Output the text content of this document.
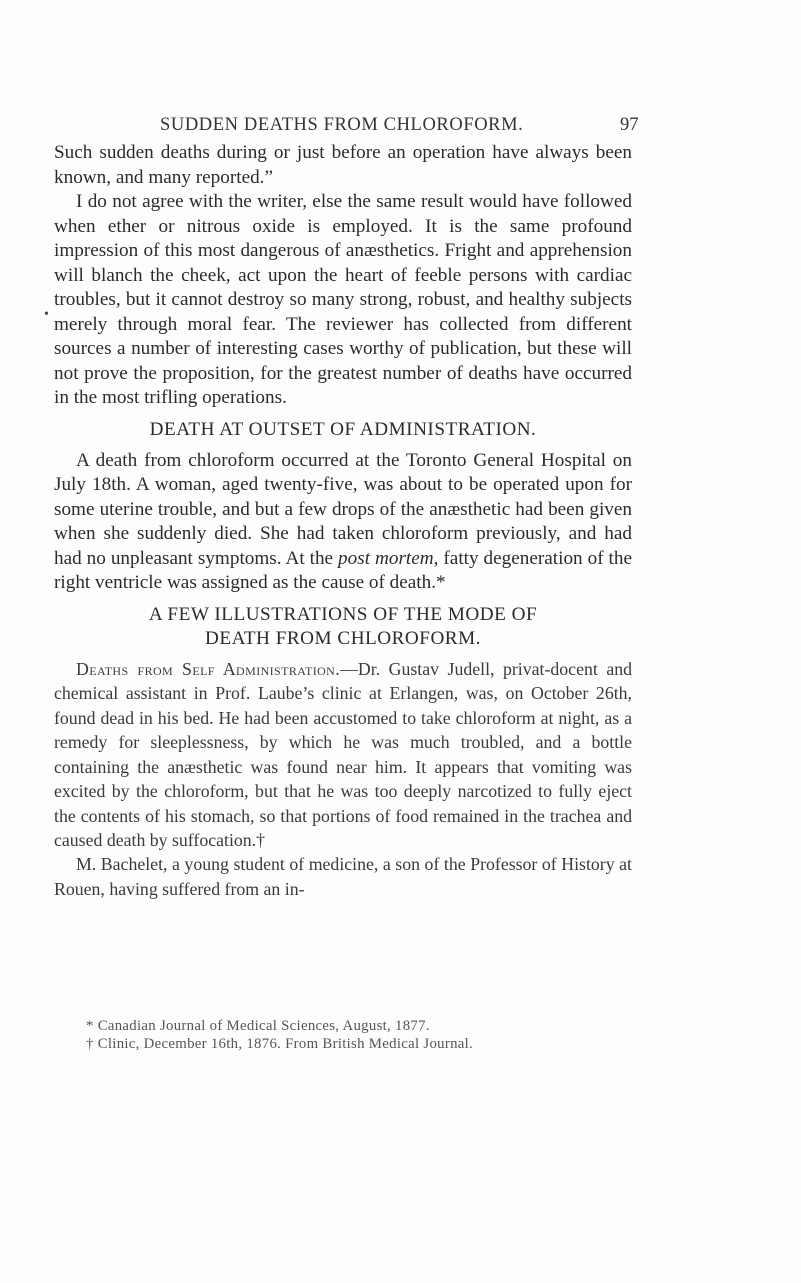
SUDDEN DEATHS FROM CHLOROFORM.	97
•

Such sudden deaths during or just before an operation have always been known, and many reported.”

I do not agree with the writer, else the same result would have followed when ether or nitrous oxide is employed. It is the same profound impression of this most dangerous of anæsthetics. Fright and apprehension will blanch the cheek, act upon the heart of feeble persons with cardiac troubles, but it cannot destroy so many strong, robust, and healthy subjects merely through moral fear. The reviewer has collected from different sources a number of interesting cases worthy of publication, but these will not prove the proposition, for the greatest number of deaths have occurred in the most trifling operations.

DEATH AT OUTSET OF ADMINISTRATION.

A death from chloroform occurred at the Toronto General Hospital on July 18th. A woman, aged twenty-five, was about to be operated upon for some uterine trouble, and but a few drops of the anæsthetic had been given when she suddenly died. She had taken chloroform previously, and had had no unpleasant symptoms. At the post mortem, fatty degeneration of the right ventricle was assigned as the cause of death.*

A FEW ILLUSTRATIONS OF THE MODE OF
DEATH FROM CHLOROFORM.

Deaths from Self Administration.—Dr. Gustav Judell, privat-docent and chemical assistant in Prof. Laube’s clinic at Erlangen, was, on October 26th, found dead in his bed. He had been accustomed to take chloroform at night, as a remedy for sleeplessness, by which he was much troubled, and a bottle containing the anæsthetic was found near him. It appears that vomiting was excited by the chloroform, but that he was too deeply narcotized to fully eject the contents of his stomach, so that portions of food remained in the trachea and caused death by suffocation.†

M. Bachelet, a young student of medicine, a son of the Professor of History at Rouen, having suffered from an in-

* Canadian Journal of Medical Sciences, August, 1877.
† Clinic, December 16th, 1876. From British Medical Journal.
